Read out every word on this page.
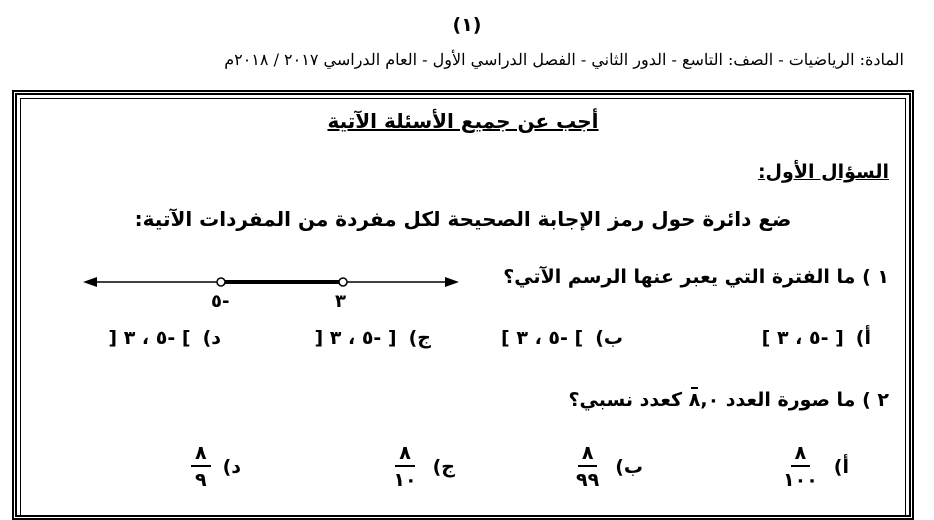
(١)
المادة: الرياضيات - الصف: التاسع - الدور الثاني - الفصل الدراسي الأول - العام الدراسي ٢٠١٧ / ٢٠١٨م
أجب عن جميع الأسئلة الآتية
السؤال الأول:
ضع دائرة حول رمز الإجابة الصحيحة لكل مفردة من المفردات الآتية:
١ ) ما الفترة التي يعبر عنها الرسم الآتي؟
٥-	٣
أ)
[ -٥ ، ٣ ]
ب)
] -٥ ، ٣ ]
ج)
[ -٥ ، ٣ [
د)
] -٥ ، ٣ [
٢ ) ما صورة العدد ٠,
٨ كعدد نسبي؟
أ)
$\frac{٨}{١٠٠}$
ب)
$\frac{٨}{٩٩}$
ج)
$\frac{٨}{١٠}$
د)
$\frac{٨}{٩}$
